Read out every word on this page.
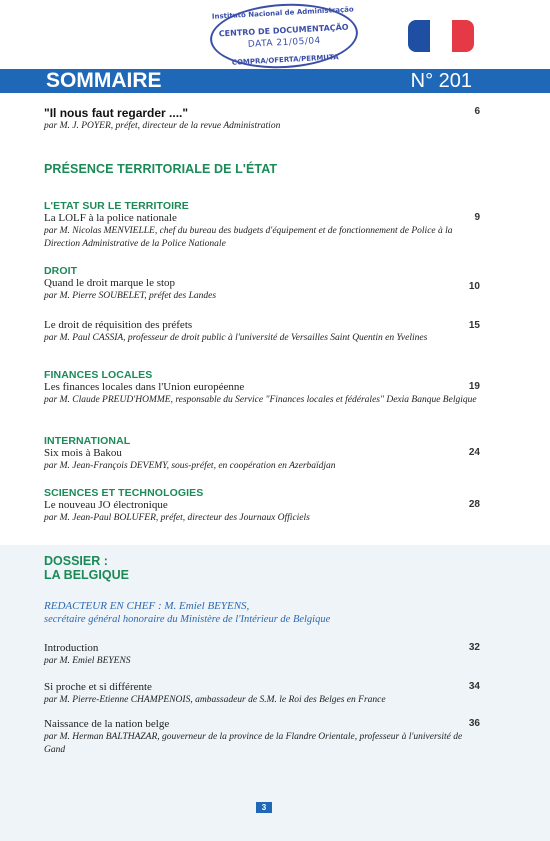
Instituto Nacional de Administração
CENTRO DE DOCUMENTAÇÃO
DATA 21/05/04
COMPRA/OFERTA/PERMUTA
SOMMAIRE	N° 201
"Il nous faut regarder ...."
par M. J. POYER, préfet, directeur de la revue Administration
6
PRÉSENCE TERRITORIALE DE L'ÉTAT
L'ETAT SUR LE TERRITOIRE
La LOLF à la police nationale
par M. Nicolas MENVIELLE, chef du bureau des budgets d'équipement et de fonctionnement de Police à la Direction Administrative de la Police Nationale
9
DROIT
Quand le droit marque le stop
par M. Pierre SOUBELET, préfet des Landes
10
Le droit de réquisition des préfets
par M. Paul CASSIA, professeur de droit public à l'université de Versailles Saint Quentin en Yvelines
15
FINANCES LOCALES
Les finances locales dans l'Union européenne
par M. Claude PREUD'HOMME, responsable du Service "Finances locales et fédérales" Dexia Banque Belgique
19
INTERNATIONAL
Six mois à Bakou
par M. Jean-François DEVEMY, sous-préfet, en coopération en Azerbaïdjan
24
SCIENCES ET TECHNOLOGIES
Le nouveau JO électronique
par M. Jean-Paul BOLUFER, préfet, directeur des Journaux Officiels
28
DOSSIER :
LA BELGIQUE
REDACTEUR EN CHEF : M. Emiel BEYENS,
secrétaire général honoraire du Ministère de l'Intérieur de Belgique
Introduction
par M. Emiel BEYENS
32
Si proche et si différente
par M. Pierre-Etienne CHAMPENOIS, ambassadeur de S.M. le Roi des Belges en France
34
Naissance de la nation belge
par M. Herman BALTHAZAR, gouverneur de la province de la Flandre Orientale, professeur à l'université de Gand
36
3
